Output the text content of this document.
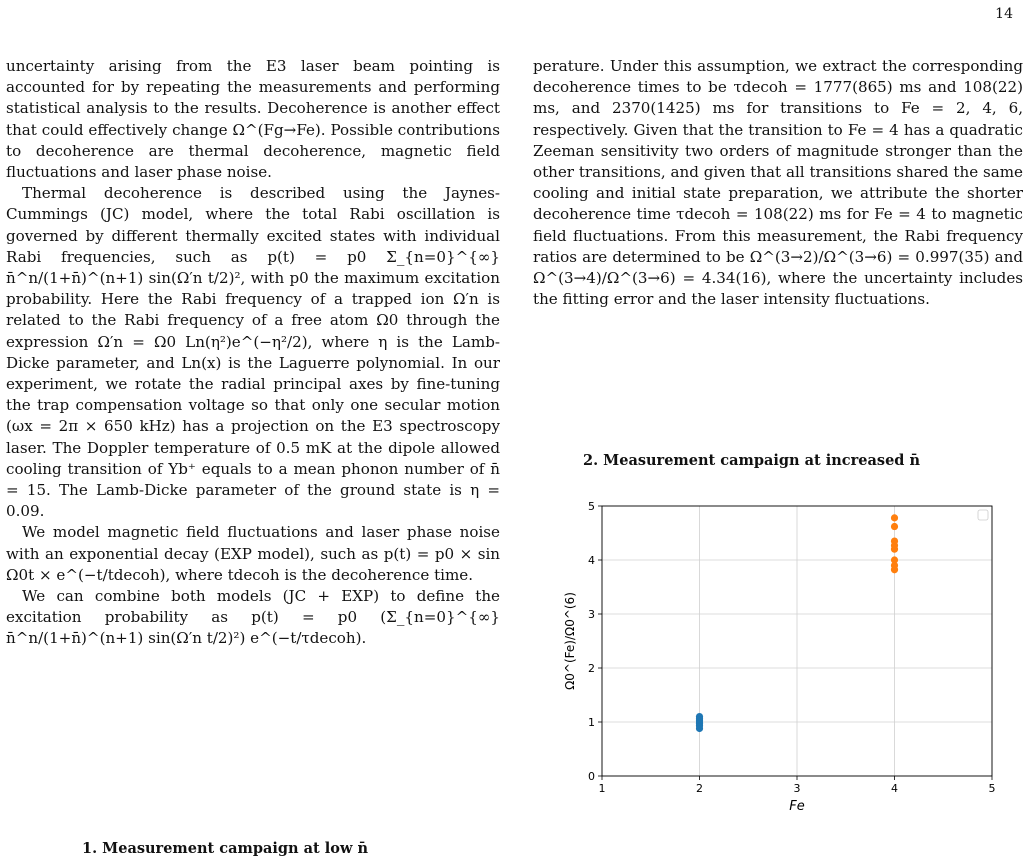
14

uncertainty arising from the E3 laser beam pointing is accounted for by repeating the measurements and performing statistical analysis to the results. Decoherence is another effect that could effectively change Ω^(Fg→Fe). Possible contributions to decoherence are thermal decoherence, magnetic field fluctuations and laser phase noise.

Thermal decoherence is described using the Jaynes-Cummings (JC) model, where the total Rabi oscillation is governed by different thermally excited states with individual Rabi frequencies, such as p(t) = p0 Σ_{n=0}^{∞} n̄^n/(1+n̄)^(n+1) sin(Ω′n t/2)², with p0 the maximum excitation probability. Here the Rabi frequency of a trapped ion Ω′n is related to the Rabi frequency of a free atom Ω0 through the expression Ω′n = Ω0 Ln(η²)e^(−η²/2), where η is the Lamb-Dicke parameter, and Ln(x) is the Laguerre polynomial. In our experiment, we rotate the radial principal axes by fine-tuning the trap compensation voltage so that only one secular motion (ωx = 2π × 650 kHz) has a projection on the E3 spectroscopy laser. The Doppler temperature of 0.5 mK at the dipole allowed cooling transition of Yb⁺ equals to a mean phonon number of n̄ = 15. The Lamb-Dicke parameter of the ground state is η = 0.09.

We model magnetic field fluctuations and laser phase noise with an exponential decay (EXP model), such as p(t) = p0 × sin Ω0t × e^(−t/tdecoh), where tdecoh is the decoherence time.

We can combine both models (JC + EXP) to define the excitation probability as p(t) = p0 (Σ_{n=0}^{∞} n̄^n/(1+n̄)^(n+1) sin(Ω′n t/2)²) e^(−t/τdecoh).

1. Measurement campaign at low n̄

perature. Under this assumption, we extract the corresponding decoherence times to be τdecoh = 1777(865) ms and 108(22) ms, and 2370(1425) ms for transitions to Fe = 2, 4, 6, respectively. Given that the transition to Fe = 4 has a quadratic Zeeman sensitivity two orders of magnitude stronger than the other transitions, and given that all transitions shared the same cooling and initial state preparation, we attribute the shorter decoherence time τdecoh = 108(22) ms for Fe = 4 to magnetic field fluctuations. From this measurement, the Rabi frequency ratios are determined to be Ω^(3→2)/Ω^(3→6) = 0.997(35) and Ω^(3→4)/Ω^(3→6) = 4.34(16), where the uncertainty includes the fitting error and the laser intensity fluctuations.

2. Measurement campaign at increased n̄
1	2	3	4	5
0
1
2
3
4
5
Fe
Ω0^(Fe)/Ω0^(6)
